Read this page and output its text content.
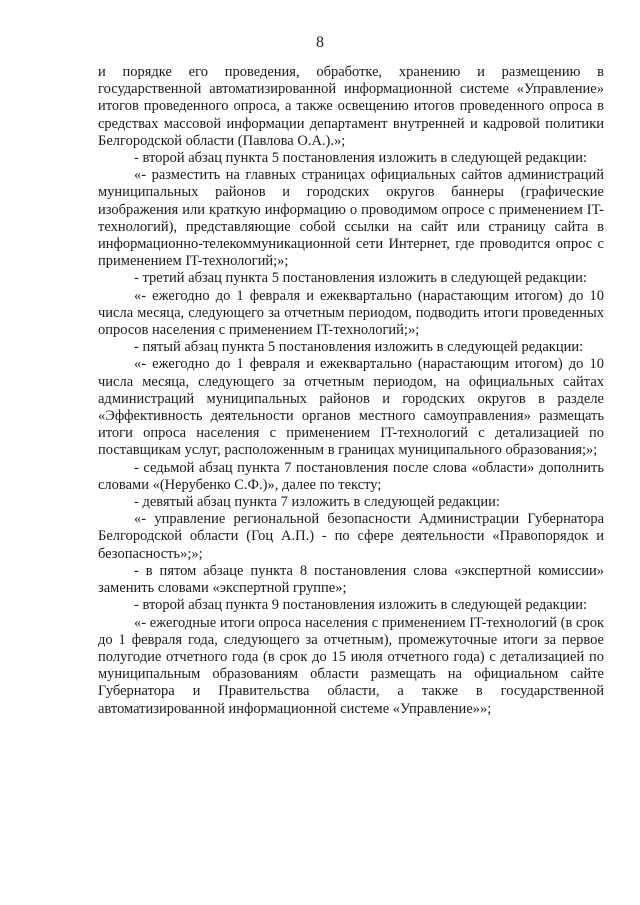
8

и порядке его проведения, обработке, хранению и размещению в государственной автоматизированной информационной системе «Управление» итогов проведенного опроса, а также освещению итогов проведенного опроса в средствах массовой информации департамент внутренней и кадровой политики Белгородской области (Павлова О.А.).»;

- второй абзац пункта 5 постановления изложить в следующей редакции:

«- разместить на главных страницах официальных сайтов администраций муниципальных районов и городских округов баннеры (графические изображения или краткую информацию о проводимом опросе с применением IT-технологий), представляющие собой ссылки на сайт или страницу сайта в информационно-телекоммуникационной сети Интернет, где проводится опрос с применением IT-технологий;»;

- третий абзац пункта 5 постановления изложить в следующей редакции:

«- ежегодно до 1 февраля и ежеквартально (нарастающим итогом) до 10 числа месяца, следующего за отчетным периодом, подводить итоги проведенных опросов населения с применением IT-технологий;»;

- пятый абзац пункта 5 постановления изложить в следующей редакции:

«- ежегодно до 1 февраля и ежеквартально (нарастающим итогом) до 10 числа месяца, следующего за отчетным периодом, на официальных сайтах администраций муниципальных районов и городских округов в разделе «Эффективность деятельности органов местного самоуправления» размещать итоги опроса населения с применением IT-технологий с детализацией по поставщикам услуг, расположенным в границах муниципального образования;»;

- седьмой абзац пункта 7 постановления после слова «области» дополнить словами «(Нерубенко С.Ф.)», далее по тексту;

- девятый абзац пункта 7 изложить в следующей редакции:

«- управление региональной безопасности Администрации Губернатора Белгородской области (Гоц А.П.) - по сфере деятельности «Правопорядок и безопасность»;»;

- в пятом абзаце пункта 8 постановления слова «экспертной комиссии» заменить словами «экспертной группе»;

- второй абзац пункта 9 постановления изложить в следующей редакции:

«- ежегодные итоги опроса населения с применением IT-технологий (в срок до 1 февраля года, следующего за отчетным), промежуточные итоги за первое полугодие отчетного года (в срок до 15 июля отчетного года) с детализацией по муниципальным образованиям области размещать на официальном сайте Губернатора и Правительства области, а также в государственной автоматизированной информационной системе «Управление»»;
